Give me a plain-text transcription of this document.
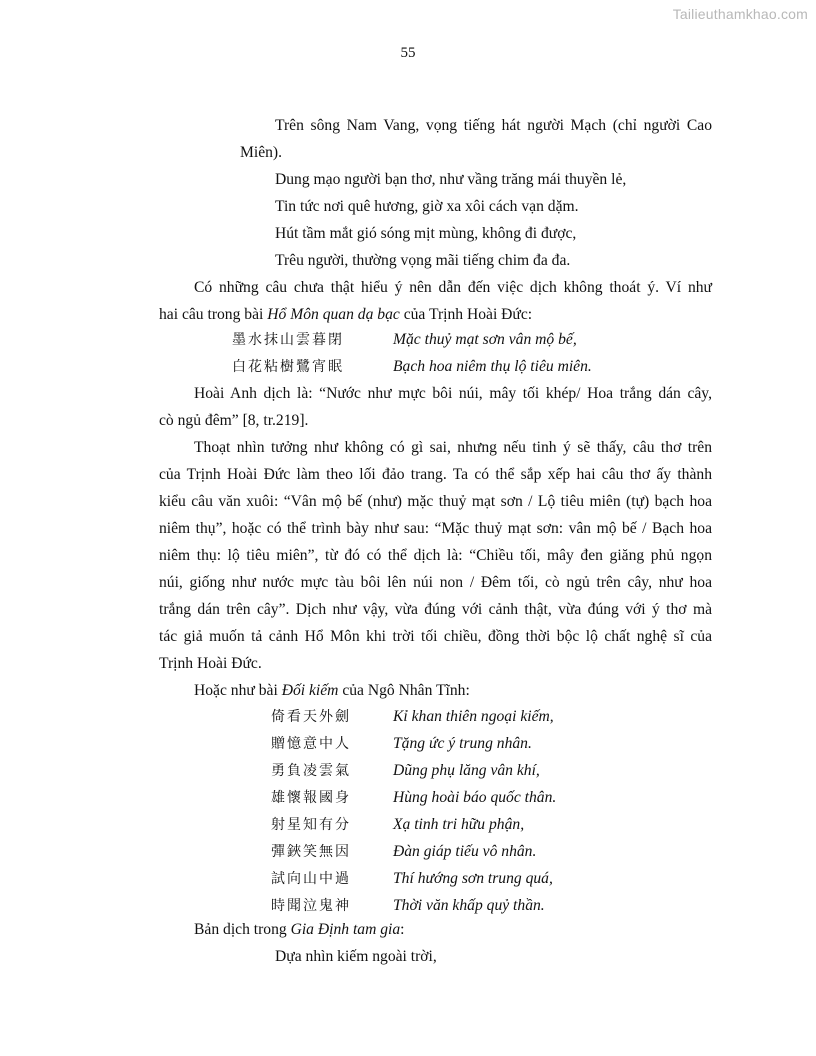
Tailieuthamkhao.com
55
Trên sông Nam Vang, vọng tiếng hát người Mạch (chỉ người Cao
Miên).
Dung mạo người bạn thơ, như vầng trăng mái thuyền lẻ,
Tin tức nơi quê hương, giờ xa xôi cách vạn dặm.
Hút tầm mắt gió sóng mịt mùng, không đi được,
Trêu người, thường vọng mãi tiếng chim đa đa.
Có những câu chưa thật hiểu ý nên dẫn đến việc dịch không thoát ý. Ví như
hai câu trong bài Hổ Môn quan dạ bạc của Trịnh Hoài Đức:
墨水抹山雲暮閉	Mặc thuỷ mạt sơn vân mộ bế,
白花粘樹鷺宵眠	Bạch hoa niêm thụ lộ tiêu miên.
Hoài Anh dịch là: “Nước như mực bôi núi, mây tối khép/ Hoa trắng dán cây,
cò ngủ đêm” [8, tr.219].
Thoạt nhìn tưởng như không có gì sai, nhưng nếu tinh ý sẽ thấy, câu thơ trên
của Trịnh Hoài Đức làm theo lối đảo trang. Ta có thể sắp xếp hai câu thơ ấy thành
kiểu câu văn xuôi: “Vân mộ bế (như) mặc thuỷ mạt sơn / Lộ tiêu miên (tự) bạch hoa
niêm thụ”, hoặc có thể trình bày như sau: “Mặc thuỷ mạt sơn: vân mộ bế / Bạch hoa
niêm thụ: lộ tiêu miên”, từ đó có thể dịch là: “Chiều tối, mây đen giăng phủ ngọn
núi, giống như nước mực tàu bôi lên núi non / Đêm tối, cò ngủ trên cây, như hoa
trắng dán trên cây”. Dịch như vậy, vừa đúng với cảnh thật, vừa đúng với ý thơ mà
tác giả muốn tả cảnh Hổ Môn khi trời tối chiều, đồng thời bộc lộ chất nghệ sĩ của
Trịnh Hoài Đức.
Hoặc như bài Đối kiếm của Ngô Nhân Tĩnh:
倚看天外劍	Kỉ khan thiên ngoại kiếm,
贈憶意中人	Tặng ức ý trung nhân.
勇負凌雲氣	Dũng phụ lăng vân khí,
雄懷報國身	Hùng hoài báo quốc thân.
射星知有分	Xạ tinh tri hữu phận,
彈鋏笑無因	Đàn giáp tiếu vô nhân.
試向山中過	Thí hướng sơn trung quá,
時聞泣鬼神	Thời văn khấp quỷ thần.
Bản dịch trong Gia Định tam gia:
Dựa nhìn kiếm ngoài trời,
